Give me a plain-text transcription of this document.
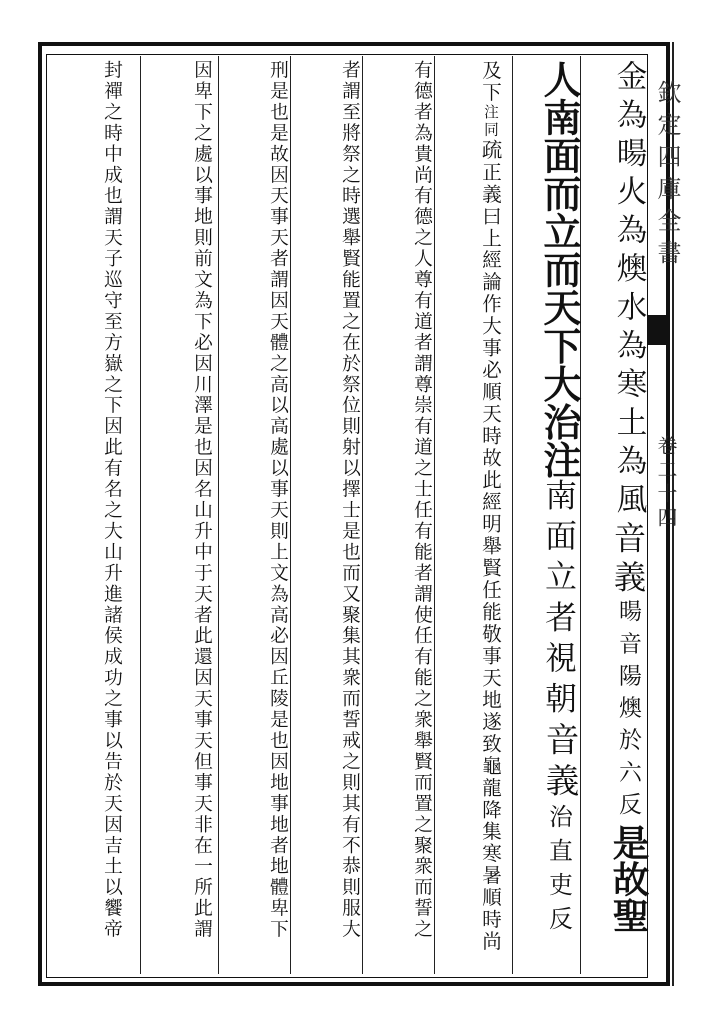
欽定四庫全書
卷二十四
金為暘火為燠水為寒土為風音義暘音陽燠於六反是故聖
人南面而立而天下大治注南面立者視朝音義治直吏反
及下注同疏正義曰上經論作大事必順天時故此經明舉賢任能敬事天地遂致龜龍降集寒暑順時尚
有德者為貴尚有德之人尊有道者謂尊崇有道之士任有能者謂使任有能之衆舉賢而置之聚衆而誓之
者謂至將祭之時選舉賢能置之在於祭位則射以擇士是也而又聚集其衆而誓戒之則其有不恭則服大
刑是也是故因天事天者謂因天體之高以高處以事天則上文為高必因丘陵是也因地事地者地體卑下
因卑下之處以事地則前文為下必因川澤是也因名山升中于天者此還因天事天但事天非在一所此謂
封禪之時中成也謂天子巡守至方嶽之下因此有名之大山升進諸侯成功之事以告於天因吉土以饗帝
